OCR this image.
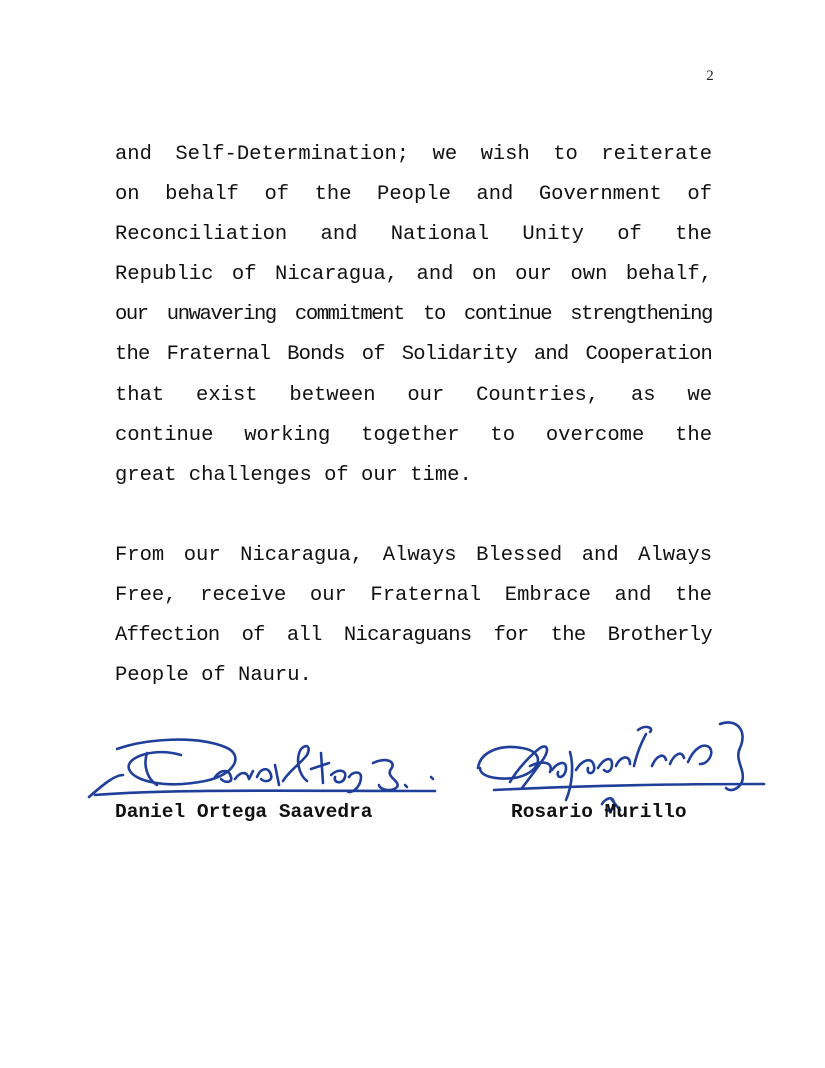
2
and Self-Determination; we wish to reiterate
on behalf of the People and Government of
Reconciliation and National Unity of the
Republic of Nicaragua, and on our own behalf,
our unwavering commitment to continue strengthening
the Fraternal Bonds of Solidarity and Cooperation
that exist between our Countries, as we
continue working together to overcome the
great challenges of our time.
From our Nicaragua, Always Blessed and Always
Free, receive our Fraternal Embrace and the
Affection of all Nicaraguans for the Brotherly
People of Nauru.
Daniel Ortega Saavedra	Rosario Murillo
